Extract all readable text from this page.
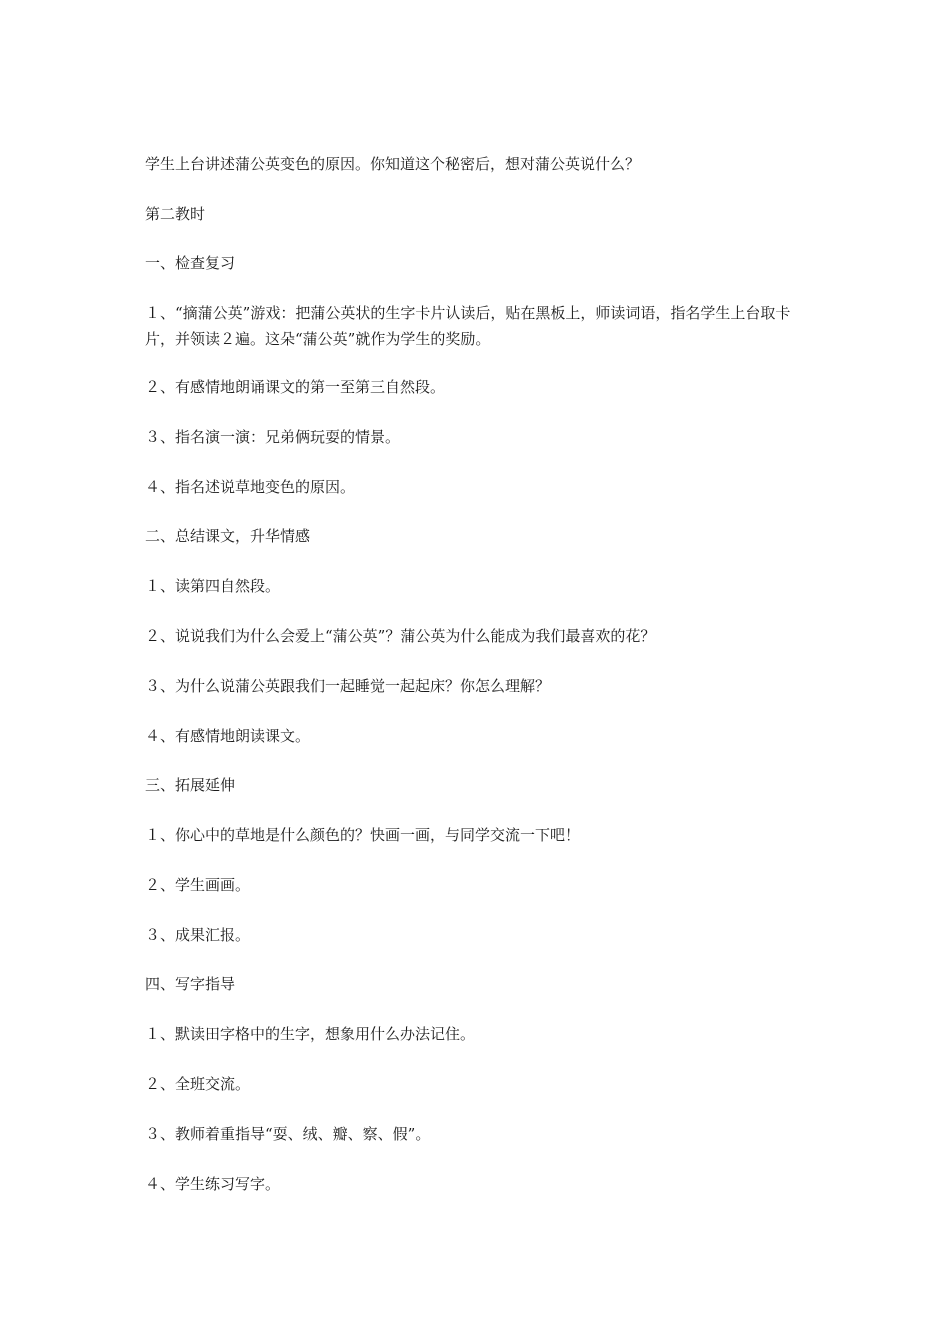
学生上台讲述蒲公英变色的原因。你知道这个秘密后，想对蒲公英说什么？

第二教时

一、检查复习

１、“摘蒲公英”游戏：把蒲公英状的生字卡片认读后，贴在黑板上，师读词语，指名学生上台取卡片，并领读２遍。这朵“蒲公英”就作为学生的奖励。

２、有感情地朗诵课文的第一至第三自然段。

３、指名演一演：兄弟俩玩耍的情景。

４、指名述说草地变色的原因。

二、总结课文，升华情感

１、读第四自然段。

２、说说我们为什么会爱上“蒲公英”？蒲公英为什么能成为我们最喜欢的花？

３、为什么说蒲公英跟我们一起睡觉一起起床？你怎么理解？

４、有感情地朗读课文。

三、拓展延伸

１、你心中的草地是什么颜色的？快画一画，与同学交流一下吧！

２、学生画画。

３、成果汇报。

四、写字指导

１、默读田字格中的生字，想象用什么办法记住。

２、全班交流。

３、教师着重指导“耍、绒、瓣、察、假”。

４、学生练习写字。
